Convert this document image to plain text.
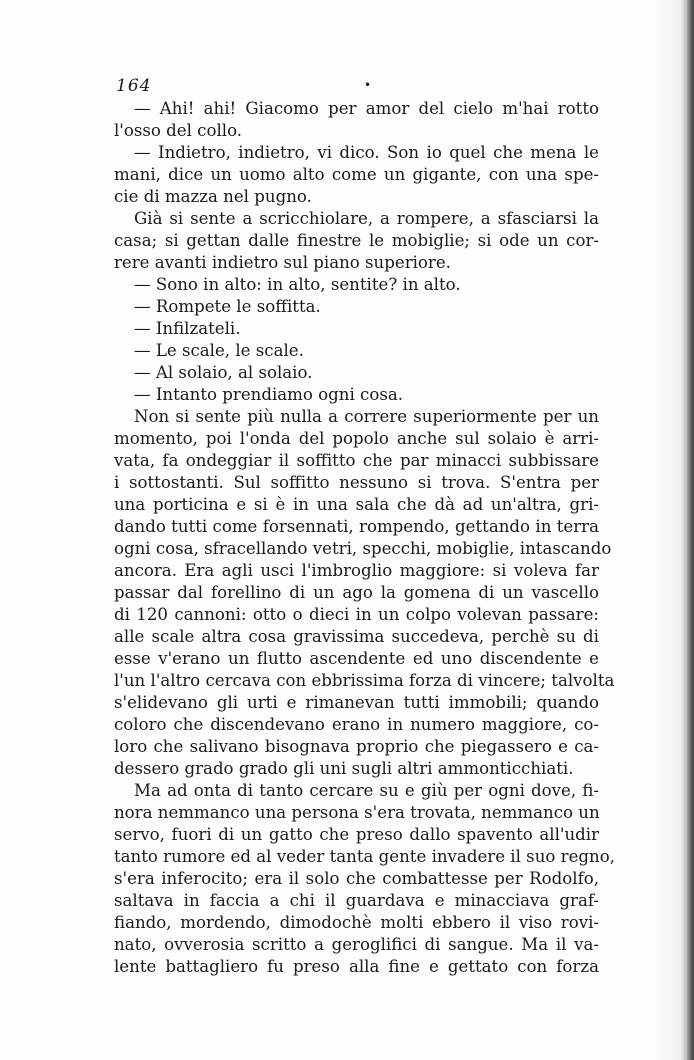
164	•
— Ahi! ahi! Giacomo per amor del cielo m'hai rotto
l'osso del collo.
— Indietro, indietro, vi dico. Son io quel che mena le
mani, dice un uomo alto come un gigante, con una spe-
cie di mazza nel pugno.
Già si sente a scricchiolare, a rompere, a sfasciarsi la
casa; si gettan dalle finestre le mobiglie; si ode un cor-
rere avanti indietro sul piano superiore.
— Sono in alto: in alto, sentite? in alto.
— Rompete le soffitta.
— Infilzateli.
— Le scale, le scale.
— Al solaio, al solaio.
— Intanto prendiamo ogni cosa.
Non si sente più nulla a correre superiormente per un
momento, poi l'onda del popolo anche sul solaio è arri-
vata, fa ondeggiar il soffitto che par minacci subbissare
i sottostanti. Sul soffitto nessuno si trova. S'entra per
una porticina e si è in una sala che dà ad un'altra, gri-
dando tutti come forsennati, rompendo, gettando in terra
ogni cosa, sfracellando vetri, specchi, mobiglie, intascando
ancora. Era agli usci l'imbroglio maggiore: si voleva far
passar dal forellino di un ago la gomena di un vascello
di 120 cannoni: otto o dieci in un colpo volevan passare:
alle scale altra cosa gravissima succedeva, perchè su di
esse v'erano un flutto ascendente ed uno discendente e
l'un l'altro cercava con ebbrissima forza di vincere; talvolta
s'elidevano gli urti e rimanevan tutti immobili; quando
coloro che discendevano erano in numero maggiore, co-
loro che salivano bisognava proprio che piegassero e ca-
dessero grado grado gli uni sugli altri ammonticchiati.
Ma ad onta di tanto cercare su e giù per ogni dove, fi-
nora nemmanco una persona s'era trovata, nemmanco un
servo, fuori di un gatto che preso dallo spavento all'udir
tanto rumore ed al veder tanta gente invadere il suo regno,
s'era inferocito; era il solo che combattesse per Rodolfo,
saltava in faccia a chi il guardava e minacciava graf-
fiando, mordendo, dimodochè molti ebbero il viso rovi-
nato, ovverosia scritto a geroglifici di sangue. Ma il va-
lente battagliero fu preso alla fine e gettato con forza
